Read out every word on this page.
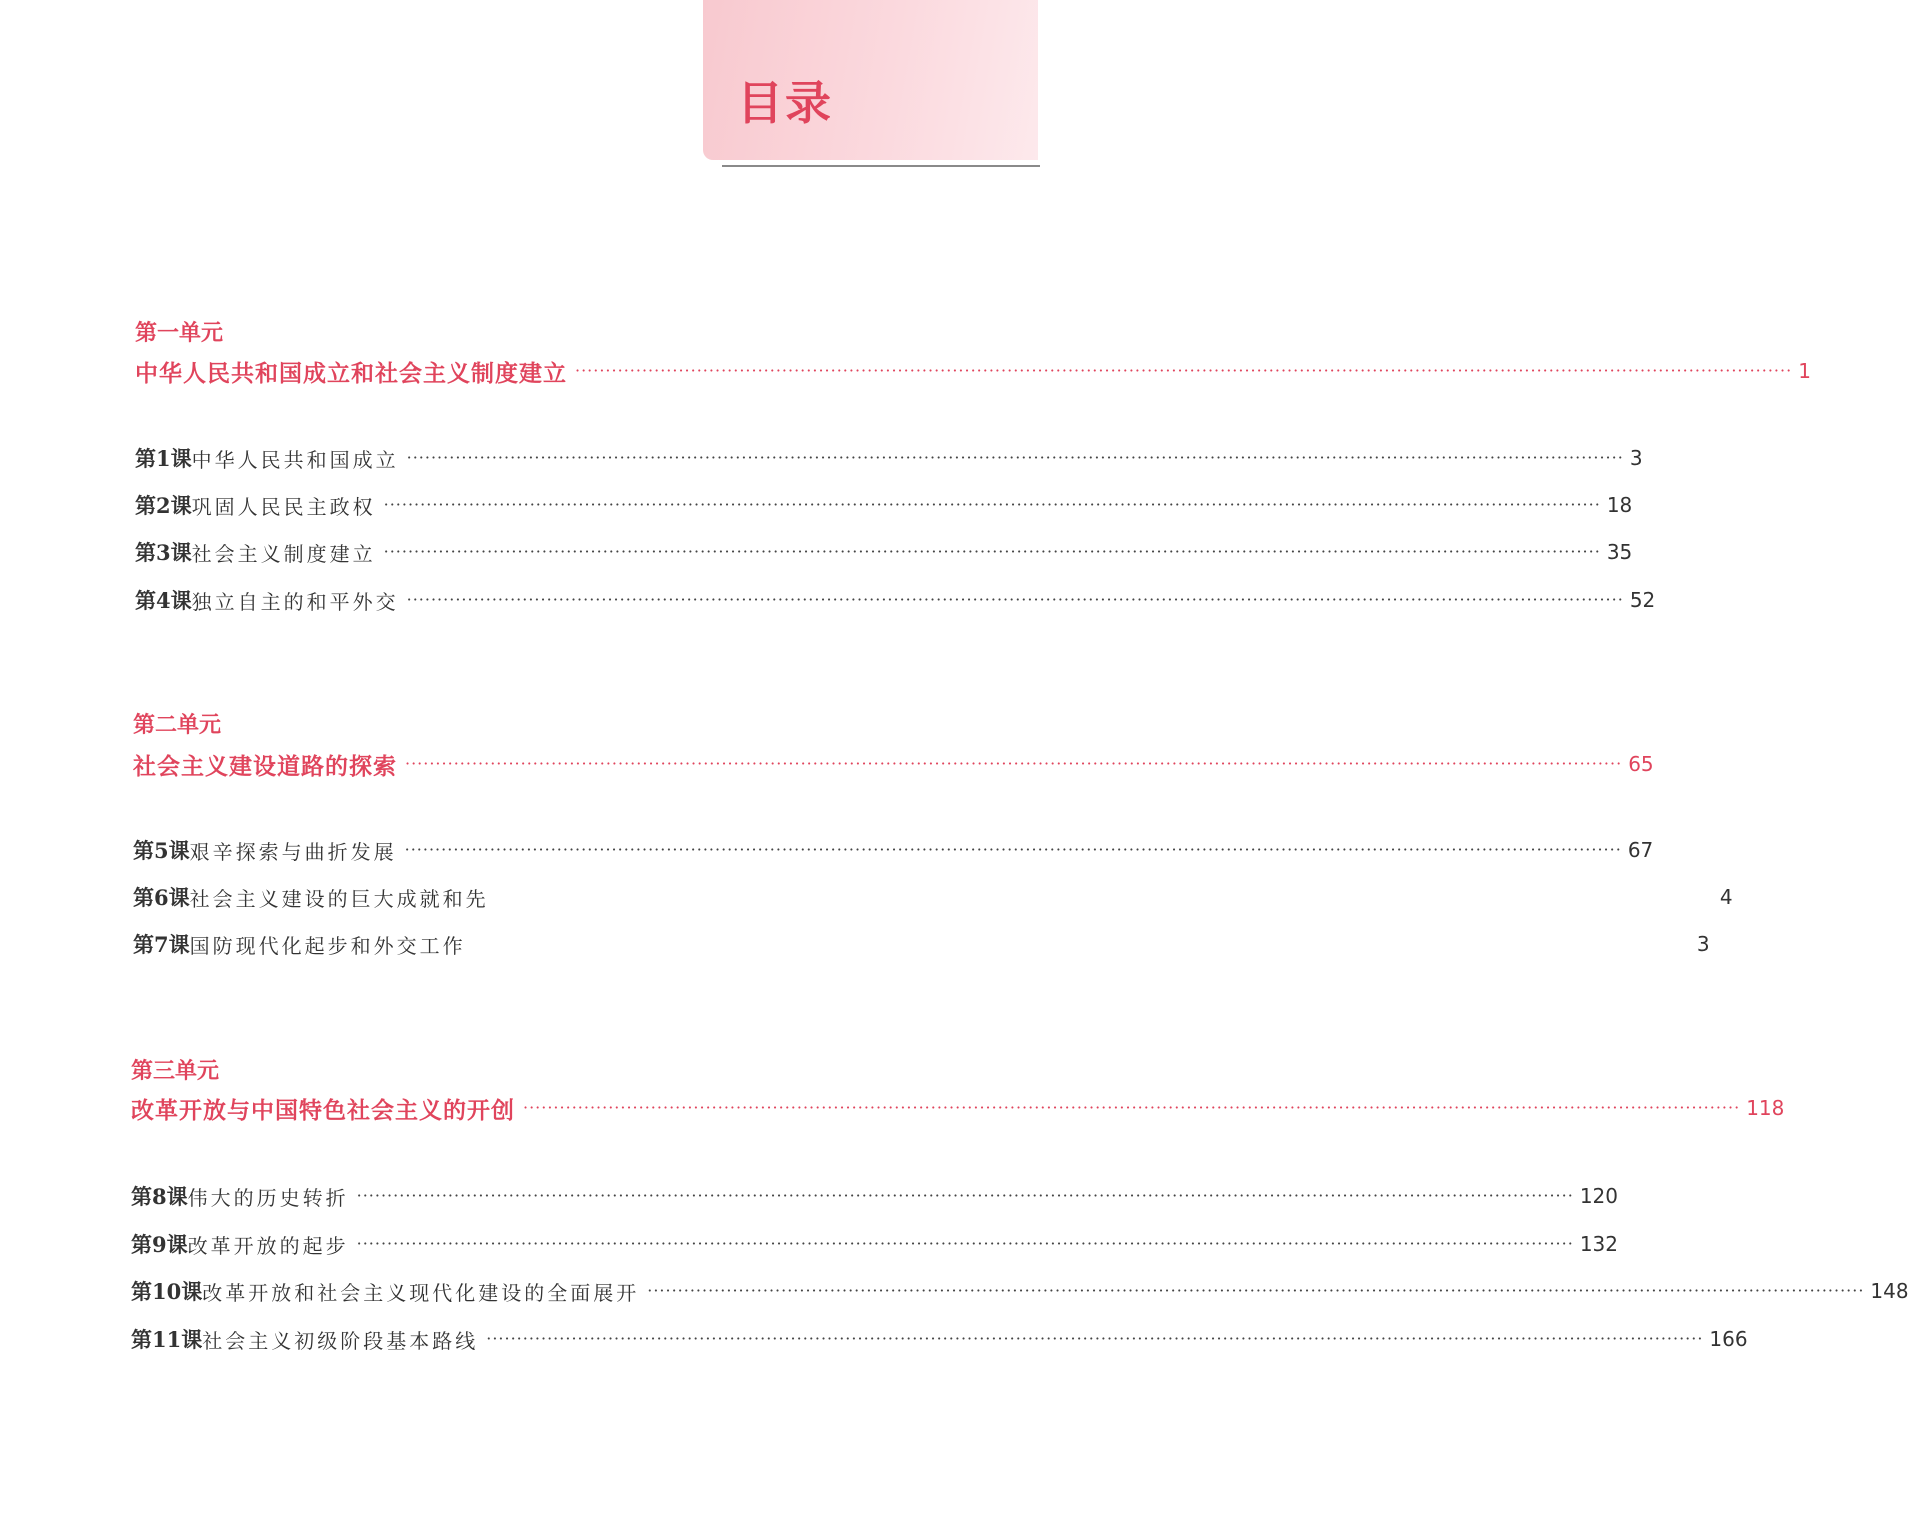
目录
第一单元
中华人民共和国成立和社会主义制度建立 ········································································································································································································ 1
第1课 中华人民共和国成立 ········································································································································································································ 3
第2课 巩固人民民主政权 ········································································································································································································ 18
第3课 社会主义制度建立 ········································································································································································································ 35
第4课 独立自主的和平外交 ········································································································································································································ 52
第二单元
社会主义建设道路的探索 ········································································································································································································ 65
第5课 艰辛探索与曲折发展 ········································································································································································································ 67
第6课 社会主义建设的巨大成就和先	4
第7课 国防现代化起步和外交工作	3
第三单元
改革开放与中国特色社会主义的开创 ········································································································································································································ 118
第8课 伟大的历史转折 ········································································································································································································ 120
第9课 改革开放的起步 ········································································································································································································ 132
第10课 改革开放和社会主义现代化建设的全面展开 ········································································································································································································ 148
第11课 社会主义初级阶段基本路线 ········································································································································································································ 166
